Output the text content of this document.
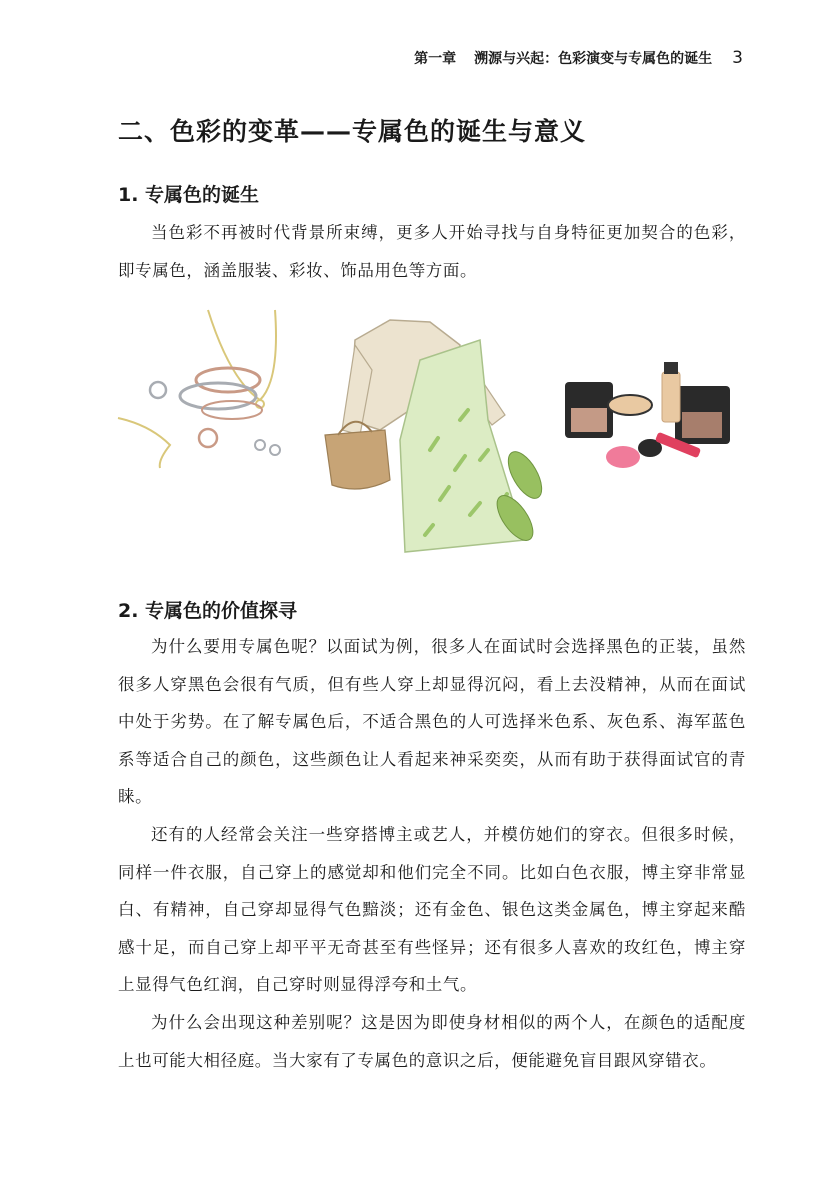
第一章 溯源与兴起：色彩演变与专属色的诞生 3
二、色彩的变革——专属色的诞生与意义
1. 专属色的诞生

当色彩不再被时代背景所束缚，更多人开始寻找与自身特征更加契合的色彩，即专属色，涵盖服装、彩妆、饰品用色等方面。

2. 专属色的价值探寻

为什么要用专属色呢？以面试为例，很多人在面试时会选择黑色的正装，虽然很多人穿黑色会很有气质，但有些人穿上却显得沉闷，看上去没精神，从而在面试中处于劣势。在了解专属色后，不适合黑色的人可选择米色系、灰色系、海军蓝色系等适合自己的颜色，这些颜色让人看起来神采奕奕，从而有助于获得面试官的青睐。

还有的人经常会关注一些穿搭博主或艺人，并模仿她们的穿衣。但很多时候，同样一件衣服，自己穿上的感觉却和他们完全不同。比如白色衣服，博主穿非常显白、有精神，自己穿却显得气色黯淡；还有金色、银色这类金属色，博主穿起来酷感十足，而自己穿上却平平无奇甚至有些怪异；还有很多人喜欢的玫红色，博主穿上显得气色红润，自己穿时则显得浮夸和土气。

为什么会出现这种差别呢？这是因为即使身材相似的两个人，在颜色的适配度上也可能大相径庭。当大家有了专属色的意识之后，便能避免盲目跟风穿错衣。
